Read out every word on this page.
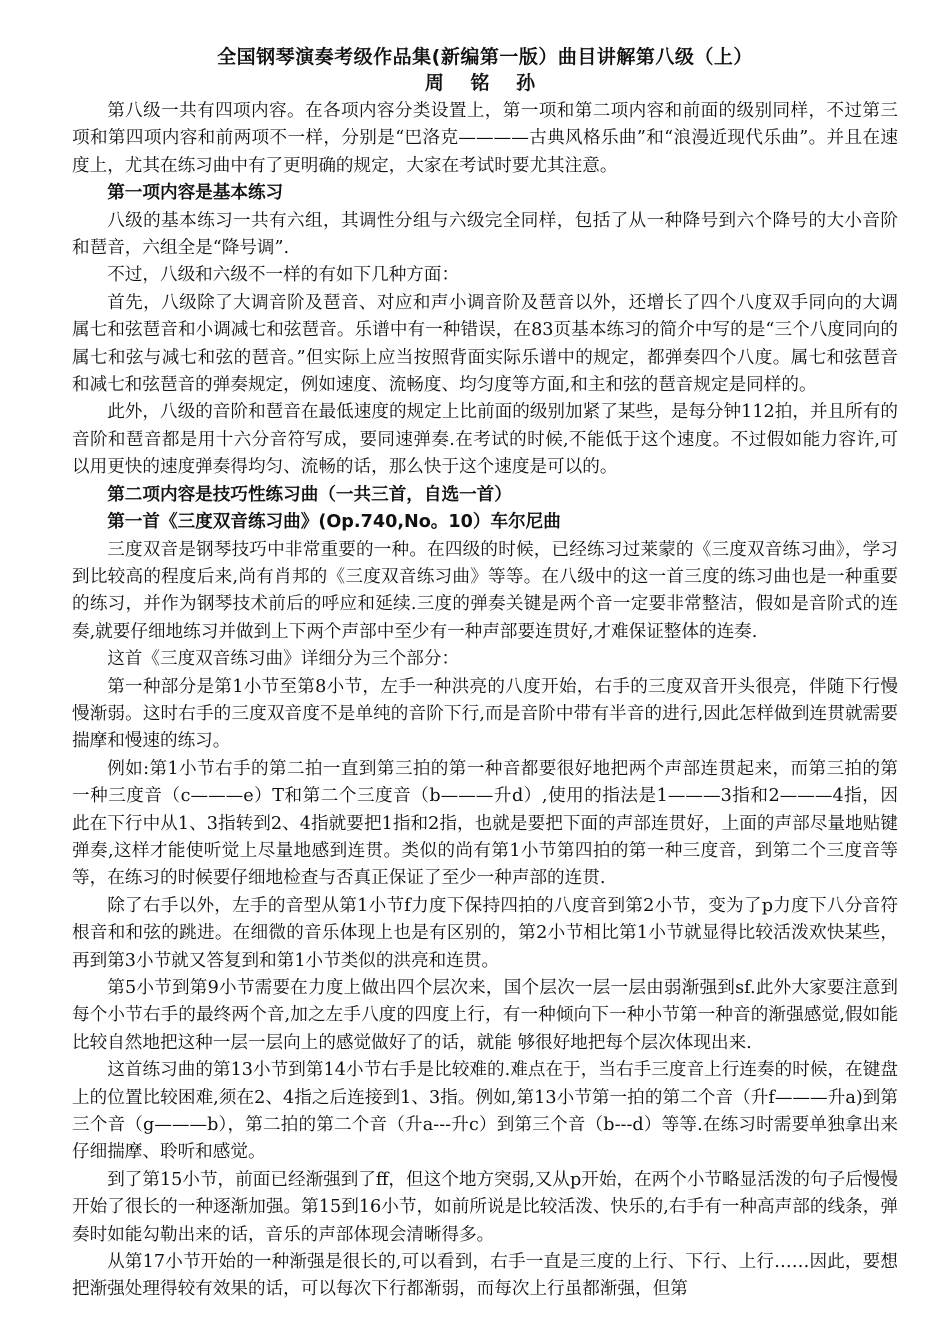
全国钢琴演奏考级作品集(新编第一版）曲目讲解第八级（上）
周 铭 孙

第八级一共有四项内容。在各项内容分类设置上，第一项和第二项内容和前面的级别同样，不过第三项和第四项内容和前两项不一样，分别是“巴洛克————古典风格乐曲”和“浪漫近现代乐曲”。并且在速度上，尤其在练习曲中有了更明确的规定，大家在考试时要尤其注意。

第一项内容是基本练习

八级的基本练习一共有六组，其调性分组与六级完全同样，包括了从一种降号到六个降号的大小音阶和琶音，六组全是“降号调”.

不过，八级和六级不一样的有如下几种方面：

首先，八级除了大调音阶及琶音、对应和声小调音阶及琶音以外，还增长了四个八度双手同向的大调属七和弦琶音和小调减七和弦琶音。乐谱中有一种错误，在83页基本练习的简介中写的是“三个八度同向的属七和弦与减七和弦的琶音。”但实际上应当按照背面实际乐谱中的规定，都弹奏四个八度。属七和弦琶音和减七和弦琶音的弹奏规定，例如速度、流畅度、均匀度等方面,和主和弦的琶音规定是同样的。

此外，八级的音阶和琶音在最低速度的规定上比前面的级别加紧了某些，是每分钟112拍，并且所有的音阶和琶音都是用十六分音符写成，要同速弹奏.在考试的时候,不能低于这个速度。不过假如能力容许,可以用更快的速度弹奏得均匀、流畅的话，那么快于这个速度是可以的。

第二项内容是技巧性练习曲（一共三首，自选一首）

第一首《三度双音练习曲》(Op.740,No。10）车尔尼曲

三度双音是钢琴技巧中非常重要的一种。在四级的时候，已经练习过莱蒙的《三度双音练习曲》，学习到比较高的程度后来,尚有肖邦的《三度双音练习曲》等等。在八级中的这一首三度的练习曲也是一种重要的练习，并作为钢琴技术前后的呼应和延续.三度的弹奏关键是两个音一定要非常整洁，假如是音阶式的连奏,就要仔细地练习并做到上下两个声部中至少有一种声部要连贯好,才难保证整体的连奏.

这首《三度双音练习曲》详细分为三个部分：

第一种部分是第1小节至第8小节，左手一种洪亮的八度开始，右手的三度双音开头很亮，伴随下行慢慢渐弱。这时右手的三度双音度不是单纯的音阶下行,而是音阶中带有半音的进行,因此怎样做到连贯就需要揣摩和慢速的练习。

例如:第1小节右手的第二拍一直到第三拍的第一种音都要很好地把两个声部连贯起来，而第三拍的第一种三度音（c———e）T和第二个三度音（b———升d）,使用的指法是1———3指和2———4指，因此在下行中从1、3指转到2、4指就要把1指和2指，也就是要把下面的声部连贯好，上面的声部尽量地贴键弹奏,这样才能使听觉上尽量地感到连贯。类似的尚有第1小节第四拍的第一种三度音，到第二个三度音等等，在练习的时候要仔细地检查与否真正保证了至少一种声部的连贯.

除了右手以外，左手的音型从第1小节f力度下保持四拍的八度音到第2小节，变为了p力度下八分音符根音和和弦的跳进。在细微的音乐体现上也是有区别的，第2小节相比第1小节就显得比较活泼欢快某些，再到第3小节就又答复到和第1小节类似的洪亮和连贯。

第5小节到第9小节需要在力度上做出四个层次来，国个层次一层一层由弱渐强到sf.此外大家要注意到每个小节右手的最终两个音,加之左手八度的四度上行，有一种倾向下一种小节第一种音的渐强感觉,假如能比较自然地把这种一层一层向上的感觉做好了的话，就能 够很好地把每个层次体现出来.

这首练习曲的第13小节到第14小节右手是比较难的.难点在于，当右手三度音上行连奏的时候，在键盘上的位置比较困难,须在2、4指之后连接到1、3指。例如,第13小节第一拍的第二个音（升f———升a)到第三个音（g———b），第二拍的第二个音（升a---升c）到第三个音（b---d）等等.在练习时需要单独拿出来仔细揣摩、聆听和感觉。

到了第15小节，前面已经渐强到了ff，但这个地方突弱,又从p开始，在两个小节略显活泼的句子后慢慢开始了很长的一种逐渐加强。第15到16小节，如前所说是比较活泼、快乐的,右手有一种高声部的线条，弹奏时如能勾勒出来的话，音乐的声部体现会清晰得多。

从第17小节开始的一种渐强是很长的,可以看到，右手一直是三度的上行、下行、上行……因此，要想把渐强处理得较有效果的话，可以每次下行都渐弱，而每次上行虽都渐强，但第
